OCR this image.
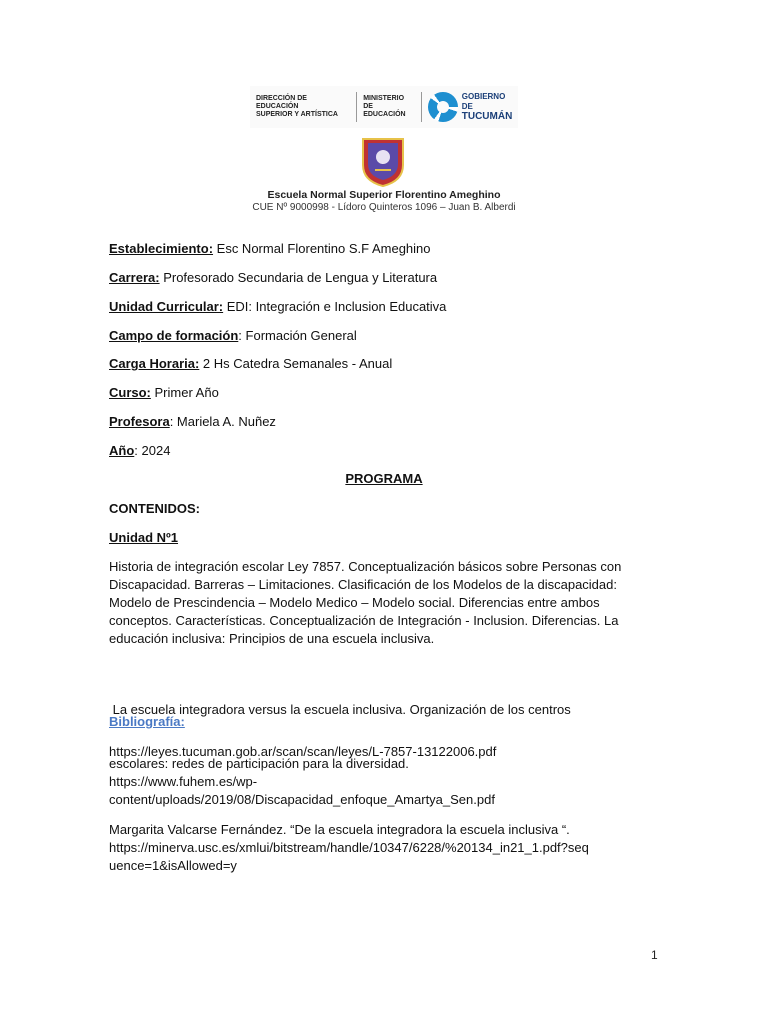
DIRECCIÓN DE EDUCACIÓN
SUPERIOR Y ARTÍSTICA
MINISTERIO DE
EDUCACIÓN
GOBIERNO DE
TUCUMÁN
Escuela Normal Superior Florentino Ameghino
CUE Nº 9000998 - Lídoro Quinteros 1096 – Juan B. Alberdi
Establecimiento: Esc Normal Florentino S.F Ameghino
Carrera: Profesorado Secundaria de Lengua y Literatura
Unidad Curricular: EDI: Integración e Inclusion Educativa
Campo de formación: Formación General
Carga Horaria: 2 Hs Catedra Semanales - Anual
Curso: Primer Año
Profesora: Mariela A. Nuñez
Año: 2024
PROGRAMA
CONTENIDOS:
Unidad Nº1
Historia de integración escolar Ley 7857. Conceptualización básicos sobre Personas con
Discapacidad. Barreras – Limitaciones. Clasificación de los Modelos de la discapacidad:
Modelo de Prescindencia – Modelo Medico – Modelo social. Diferencias entre ambos
conceptos. Características. Conceptualización de Integración - Inclusion. Diferencias. La
educación inclusiva: Principios de una escuela inclusiva.

La escuela integradora versus la escuela inclusiva. Organización de los centros

escolares: redes de participación para la diversidad.

Bibliografía:
https://leyes.tucuman.gob.ar/scan/scan/leyes/L-7857-13122006.pdf
https://www.fuhem.es/wp-
content/uploads/2019/08/Discapacidad_enfoque_Amartya_Sen.pdf
Margarita Valcarse Fernández. “De la escuela integradora la escuela inclusiva “.
https://minerva.usc.es/xmlui/bitstream/handle/10347/6228/%20134_in21_1.pdf?seq
uence=1&isAllowed=y
1
